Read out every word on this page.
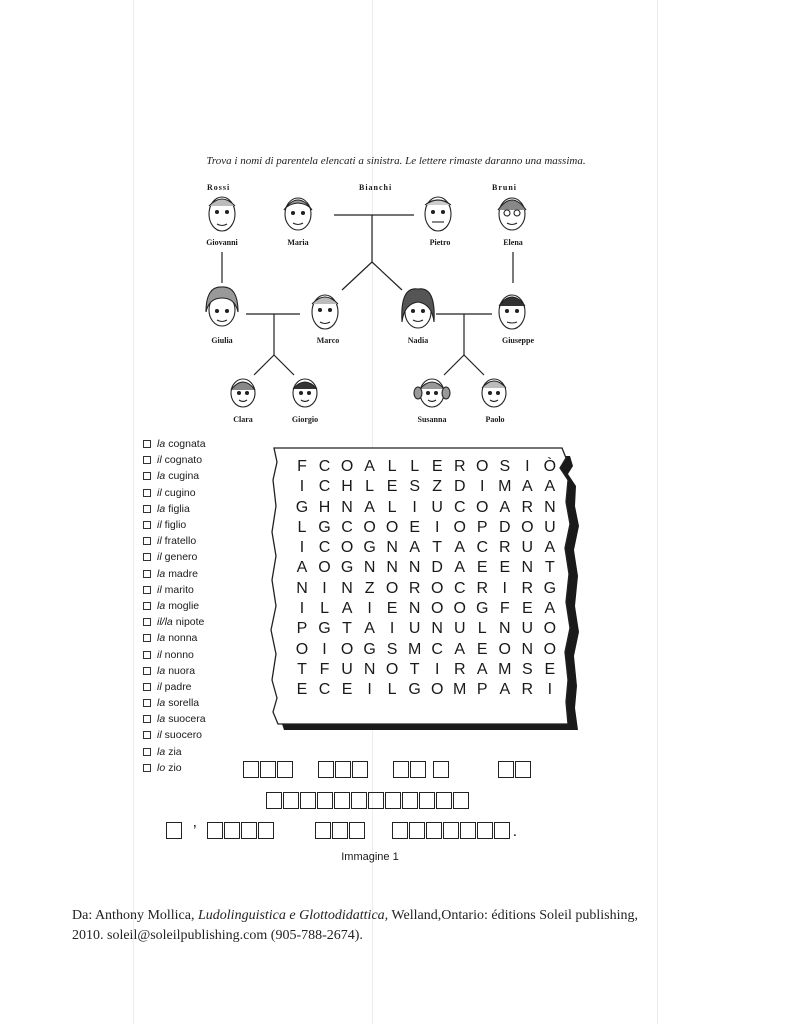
Trova i nomi di parentela elencati a sinistra. Le lettere rimaste daranno una massima.
Rossi	Bianchi	Bruni
Giovanni	Maria	Pietro	Elena
Giulia	Marco	Nadia	Giuseppe
Clara	Giorgio	Susanna	Paolo
la cognata
il cognato
la cugina
il cugino
la figlia
il figlio
il fratello
il genero
la madre
il marito
la moglie
il/la nipote
la nonna
il nonno
la nuora
il padre
la sorella
la suocera
il suocero
la zia
lo zio
F C O A L L E R O S I Ò
I C H L E S Z D I M A A
G H N A L I U C O A R N
L G C O O E I O P D O U
I C O G N A T A C R U A
A O G N N N D A E E N T
N I N Z O R O C R I R G
I L A I E N O O G F E A
P G T A I U N U L N U O
O I O G S M C A E O N O
T F U N O T I R A M S E
E C E I L G O M P A R I
’	.
Immagine 1
Da: Anthony Mollica, Ludolinguistica e Glottodidattica, Welland,Ontario: éditions Soleil publishing, 2010. soleil@soleilpublishing.com (905-788-2674).
